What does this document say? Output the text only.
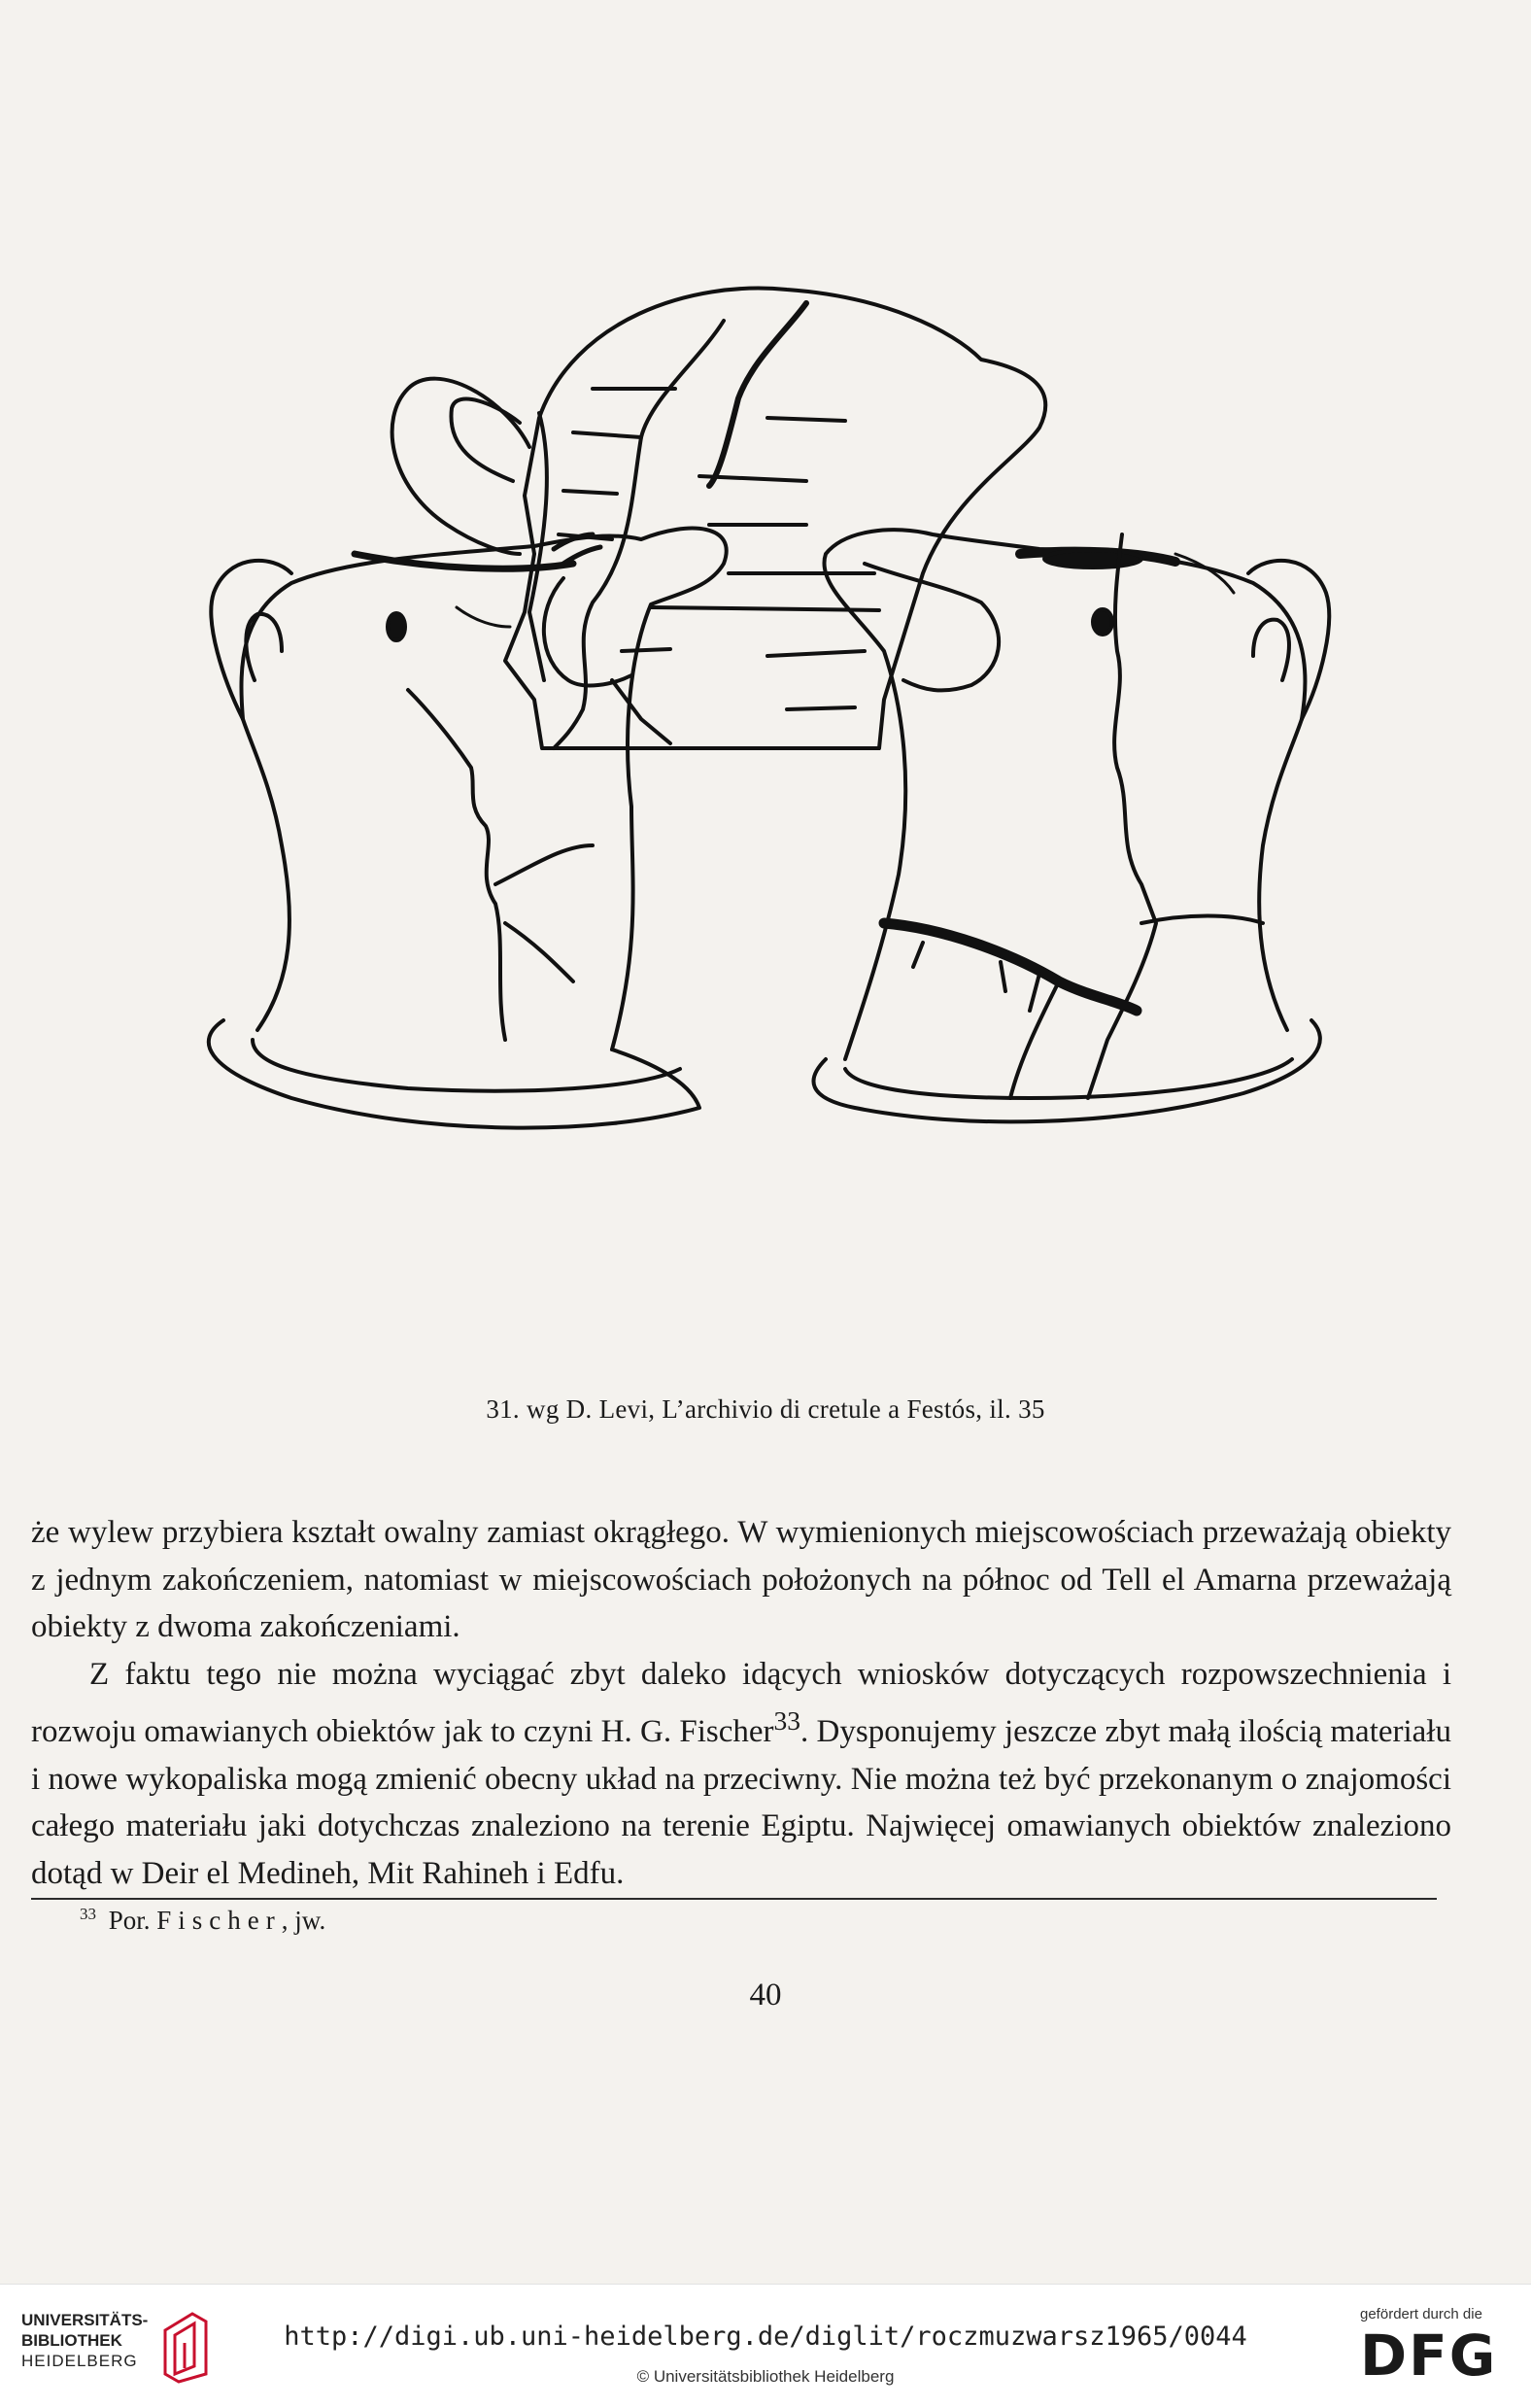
31. wg D. Levi, L’archivio di cretule a Festós, il. 35

że wylew przybiera kształt owalny zamiast okrągłego. W wymienionych miejscowościach przeważają obiekty z jednym zakończeniem, natomiast w miejscowościach położonych na północ od Tell el Amarna przeważają obiekty z dwoma zakończeniami.

Z faktu tego nie można wyciągać zbyt daleko idących wniosków dotyczących rozpowszechnienia i rozwoju omawianych obiektów jak to czyni H. G. Fischer$^{33}$. Dysponujemy jeszcze zbyt małą ilością materiału i nowe wykopaliska mogą zmienić obecny układ na przeciwny. Nie można też być przekonanym o znajomości całego materiału jaki dotychczas znaleziono na terenie Egiptu. Najwięcej omawianych obiektów znaleziono dotąd w Deir el Medineh, Mit Rahineh i Edfu.

$^{33}$ Por. Fischer, jw.
40
UNIVERSITÄTS-
BIBLIOTHEK
HEIDELBERG
http://digi.ub.uni-heidelberg.de/diglit/roczmuzwarsz1965/0044
© Universitätsbibliothek Heidelberg
gefördert durch die
DFG
